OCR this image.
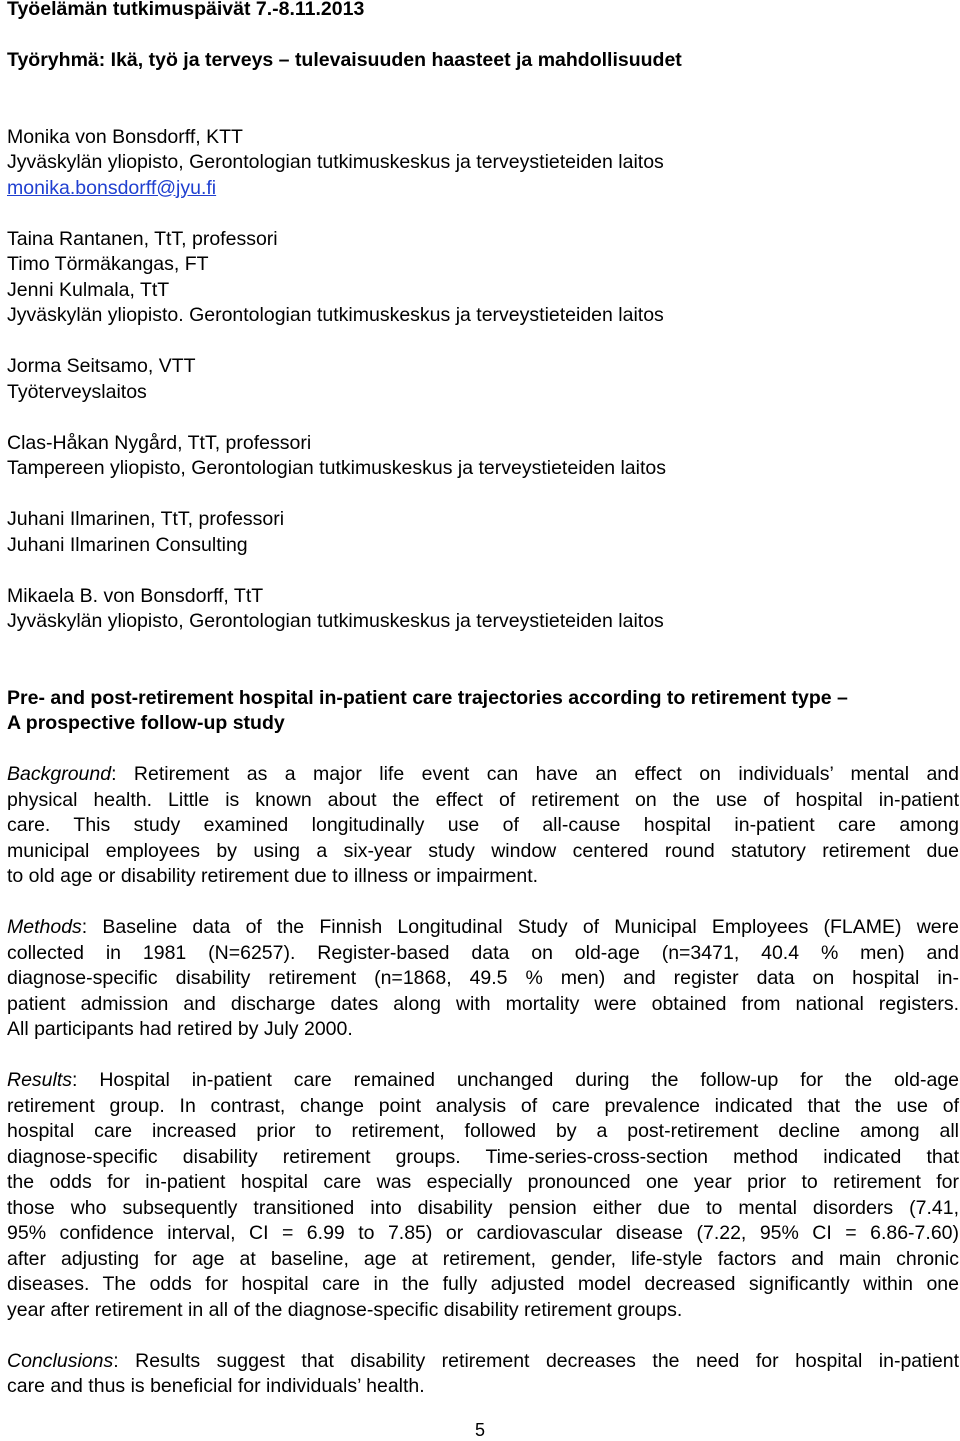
Työelämän tutkimuspäivät 7.-8.11.2013
Työryhmä: Ikä, työ ja terveys – tulevaisuuden haasteet ja mahdollisuudet
Monika von Bonsdorff, KTT
Jyväskylän yliopisto, Gerontologian tutkimuskeskus ja terveystieteiden laitos
monika.bonsdorff@jyu.fi
Taina Rantanen, TtT, professori
Timo Törmäkangas, FT
Jenni Kulmala, TtT
Jyväskylän yliopisto. Gerontologian tutkimuskeskus ja terveystieteiden laitos
Jorma Seitsamo, VTT
Työterveyslaitos
Clas-Håkan Nygård, TtT, professori
Tampereen yliopisto, Gerontologian tutkimuskeskus ja terveystieteiden laitos
Juhani Ilmarinen, TtT, professori
Juhani Ilmarinen Consulting
Mikaela B. von Bonsdorff, TtT
Jyväskylän yliopisto, Gerontologian tutkimuskeskus ja terveystieteiden laitos
Pre- and post-retirement hospital in-patient care trajectories according to retirement type –
A prospective follow-up study
Background: Retirement as a major life event can have an effect on individuals’ mental and
physical health. Little is known about the effect of retirement on the use of hospital in-patient
care. This study examined longitudinally use of all-cause hospital in-patient care among
municipal employees by using a six-year study window centered round statutory retirement due
to old age or disability retirement due to illness or impairment.
Methods: Baseline data of the Finnish Longitudinal Study of Municipal Employees (FLAME) were
collected in 1981 (N=6257). Register-based data on old-age (n=3471, 40.4 % men) and
diagnose-specific disability retirement (n=1868, 49.5 % men) and register data on hospital in-
patient admission and discharge dates along with mortality were obtained from national registers.
All participants had retired by July 2000.
Results: Hospital in-patient care remained unchanged during the follow-up for the old-age
retirement group. In contrast, change point analysis of care prevalence indicated that the use of
hospital care increased prior to retirement, followed by a post-retirement decline among all
diagnose-specific disability retirement groups. Time-series-cross-section method indicated that
the odds for in-patient hospital care was especially pronounced one year prior to retirement for
those who subsequently transitioned into disability pension either due to mental disorders (7.41,
95% confidence interval, CI = 6.99 to 7.85) or cardiovascular disease (7.22, 95% CI = 6.86-7.60)
after adjusting for age at baseline, age at retirement, gender, life-style factors and main chronic
diseases. The odds for hospital care in the fully adjusted model decreased significantly within one
year after retirement in all of the diagnose-specific disability retirement groups.
Conclusions: Results suggest that disability retirement decreases the need for hospital in-patient
care and thus is beneficial for individuals’ health.
5
